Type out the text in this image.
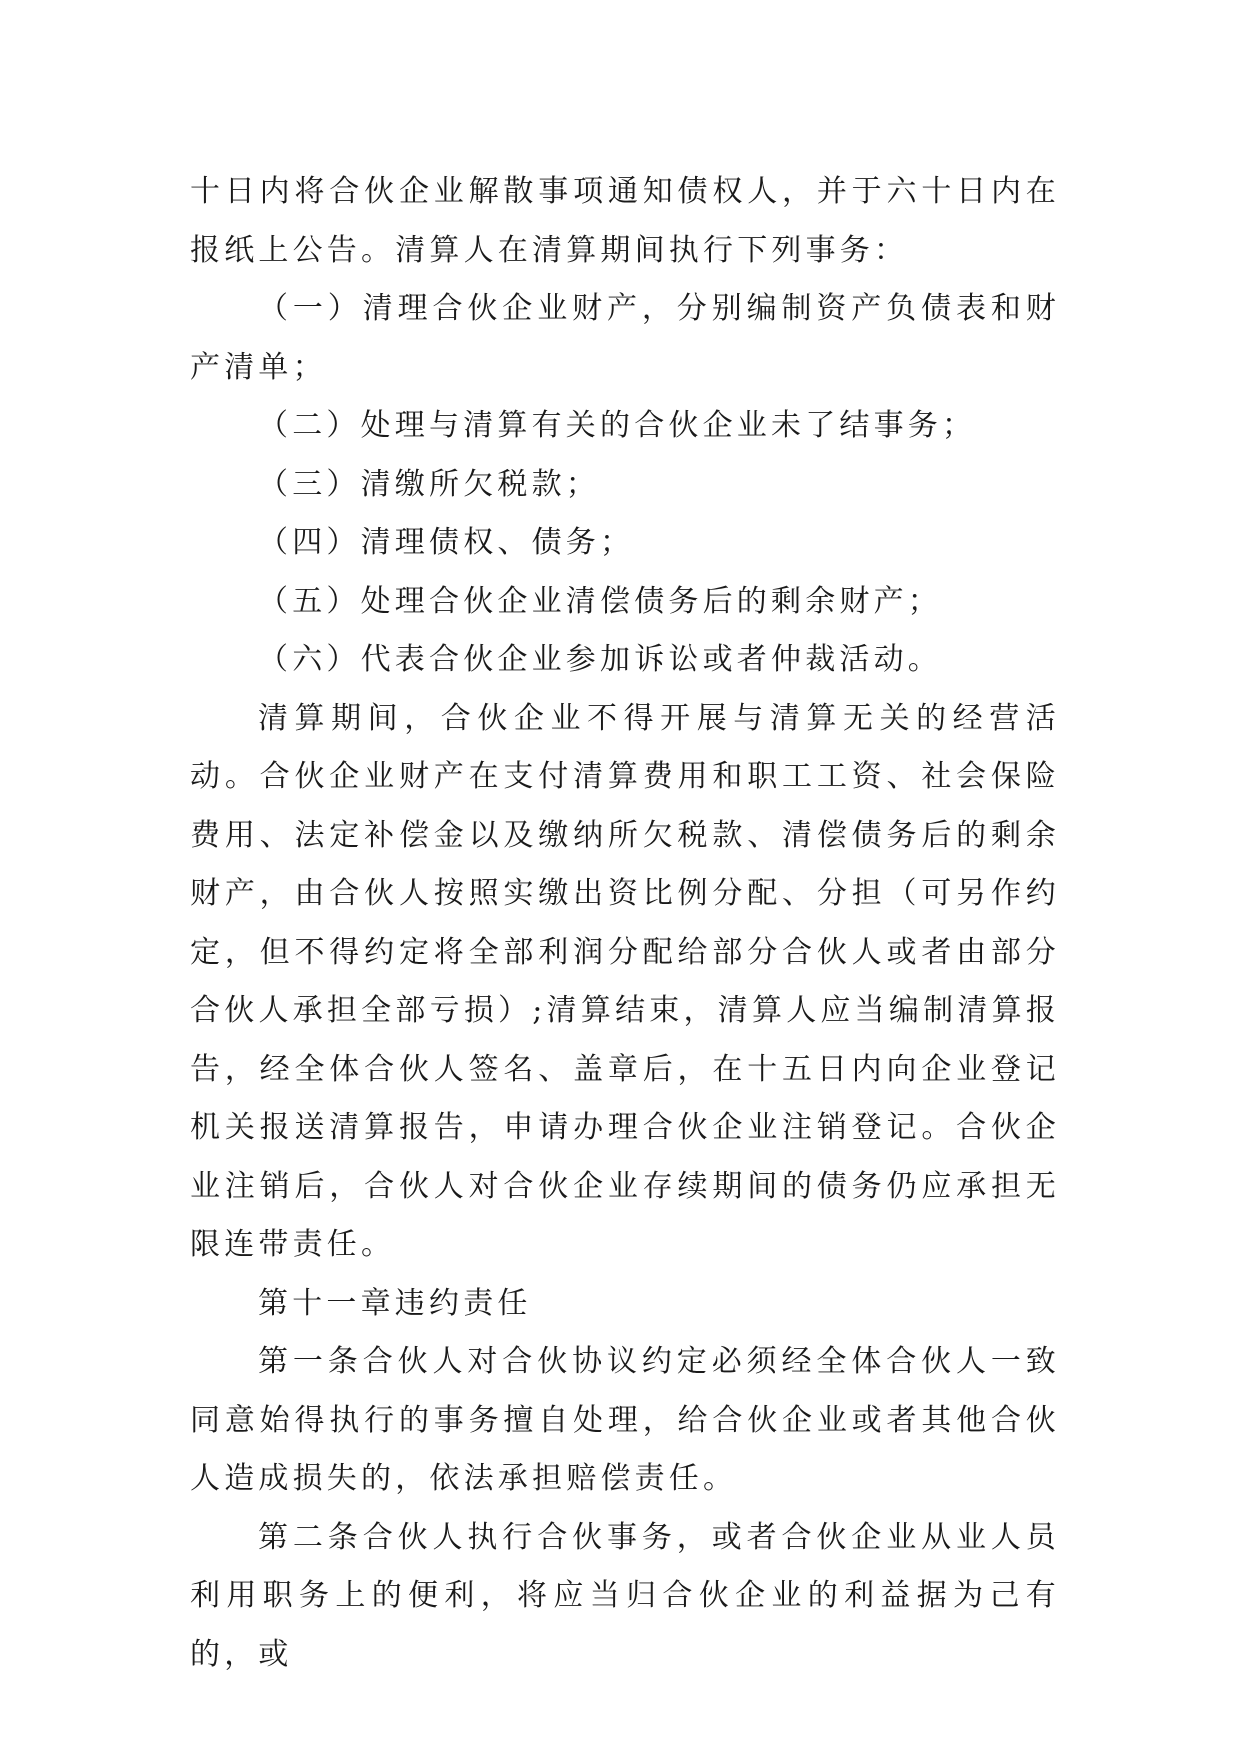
十日内将合伙企业解散事项通知债权人，并于六十日内在报纸上公告。清算人在清算期间执行下列事务：

（一）清理合伙企业财产，分别编制资产负债表和财产清单；

（二）处理与清算有关的合伙企业未了结事务；

（三）清缴所欠税款；

（四）清理债权、债务；

（五）处理合伙企业清偿债务后的剩余财产；

（六）代表合伙企业参加诉讼或者仲裁活动。

清算期间，合伙企业不得开展与清算无关的经营活动。合伙企业财产在支付清算费用和职工工资、社会保险费用、法定补偿金以及缴纳所欠税款、清偿债务后的剩余财产，由合伙人按照实缴出资比例分配、分担（可另作约定，但不得约定将全部利润分配给部分合伙人或者由部分合伙人承担全部亏损）;清算结束，清算人应当编制清算报告，经全体合伙人签名、盖章后，在十五日内向企业登记机关报送清算报告，申请办理合伙企业注销登记。合伙企业注销后，合伙人对合伙企业存续期间的债务仍应承担无限连带责任。

第十一章违约责任

第一条合伙人对合伙协议约定必须经全体合伙人一致同意始得执行的事务擅自处理，给合伙企业或者其他合伙人造成损失的，依法承担赔偿责任。

第二条合伙人执行合伙事务，或者合伙企业从业人员利用职务上的便利，将应当归合伙企业的利益据为己有的，或
